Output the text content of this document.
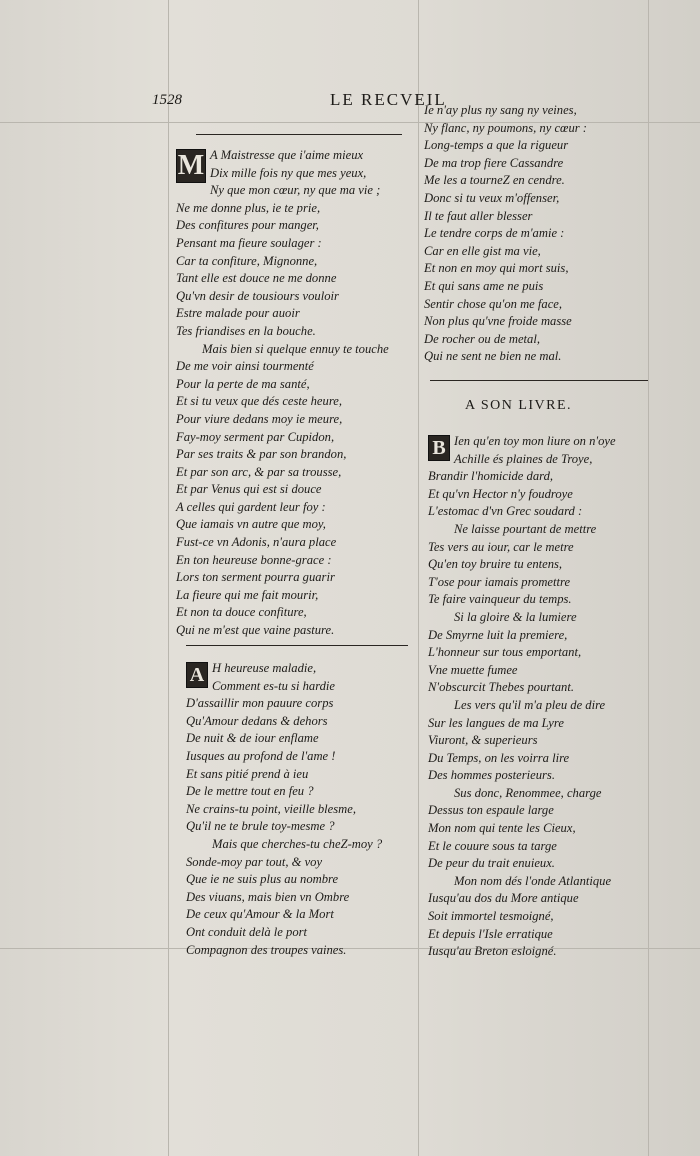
1528	LE RECVEIL
M A Maistresse que i'aime mieux
Dix mille fois ny que mes yeux,
Ny que mon cœur, ny que ma vie ;
Ne me donne plus, ie te prie,
Des confitures pour manger,
Pensant ma fieure soulager :
Car ta confiture, Mignonne,
Tant elle est douce ne me donne
Qu'vn desir de tousiours vouloir
Estre malade pour auoir
Tes friandises en la bouche.
Mais bien si quelque ennuy te touche
De me voir ainsi tourmenté
Pour la perte de ma santé,
Et si tu veux que dés ceste heure,
Pour viure dedans moy ie meure,
Fay-moy serment par Cupidon,
Par ses traits & par son brandon,
Et par son arc, & par sa trousse,
Et par Venus qui est si douce
A celles qui gardent leur foy :
Que iamais vn autre que moy,
Fust-ce vn Adonis, n'aura place
En ton heureuse bonne-grace :
Lors ton serment pourra guarir
La fieure qui me fait mourir,
Et non ta douce confiture,
Qui ne m'est que vaine pasture.
A H heureuse maladie,
Comment es-tu si hardie
D'assaillir mon pauure corps
Qu'Amour dedans & dehors
De nuit & de iour enflame
Iusques au profond de l'ame !
Et sans pitié prend à ieu
De le mettre tout en feu ?
Ne crains-tu point, vieille blesme,
Qu'il ne te brule toy-mesme ?
Mais que cherches-tu cheZ-moy ?
Sonde-moy par tout, & voy
Que ie ne suis plus au nombre
Des viuans, mais bien vn Ombre
De ceux qu'Amour & la Mort
Ont conduit delà le port
Compagnon des troupes vaines.
Ie n'ay plus ny sang ny veines,
Ny flanc, ny poumons, ny cœur :
Long-temps a que la rigueur
De ma trop fiere Cassandre
Me les a tourneZ en cendre.
Donc si tu veux m'offenser,
Il te faut aller blesser
Le tendre corps de m'amie :
Car en elle gist ma vie,
Et non en moy qui mort suis,
Et qui sans ame ne puis
Sentir chose qu'on me face,
Non plus qu'vne froide masse
De rocher ou de metal,
Qui ne sent ne bien ne mal.
A SON LIVRE.
B Ien qu'en toy mon liure on n'oye
Achille és plaines de Troye,
Brandir l'homicide dard,
Et qu'vn Hector n'y foudroye
L'estomac d'vn Grec soudard :
Ne laisse pourtant de mettre
Tes vers au iour, car le metre
Qu'en toy bruire tu entens,
T'ose pour iamais promettre
Te faire vainqueur du temps.
Si la gloire & la lumiere
De Smyrne luit la premiere,
L'honneur sur tous emportant,
Vne muette fumee
N'obscurcit Thebes pourtant.
Les vers qu'il m'a pleu de dire
Sur les langues de ma Lyre
Viuront, & superieurs
Du Temps, on les voirra lire
Des hommes posterieurs.
Sus donc, Renommee, charge
Dessus ton espaule large
Mon nom qui tente les Cieux,
Et le couure sous ta targe
De peur du trait enuieux.
Mon nom dés l'onde Atlantique
Iusqu'au dos du More antique
Soit immortel tesmoigné,
Et depuis l'Isle erratique
Iusqu'au Breton esloigné.
